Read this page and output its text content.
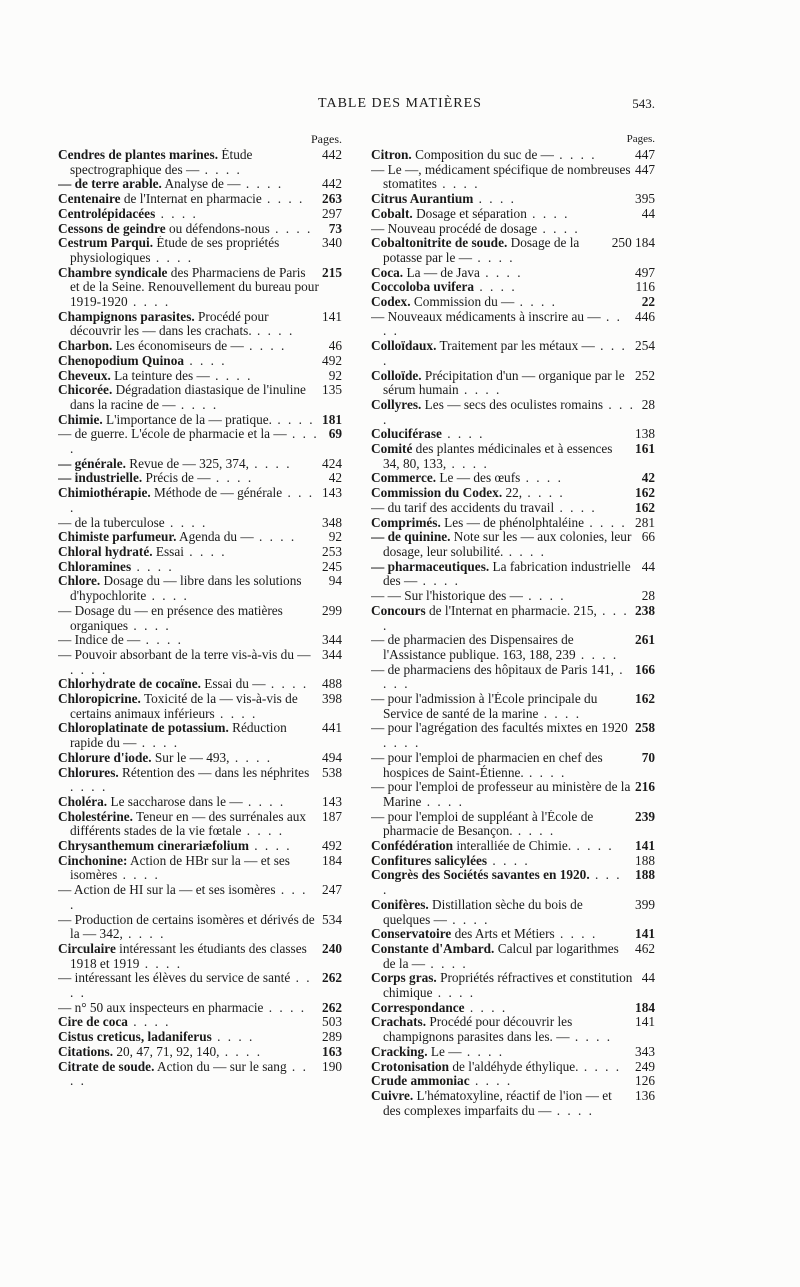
TABLE DES MATIÈRES	543.
Pages.

442
Cendres de plantes marines. Étude spectrographique des — . . . .

442
— de terre arable. Analyse de — . . . .

263
Centenaire de l'Internat en pharmacie . . . .

297
Centrolépidacées . . . .

73
Cessons de geindre ou défendons-nous . . . .

340
Cestrum Parqui. Étude de ses propriétés physiologiques . . . .

215
Chambre syndicale des Pharmaciens de Paris et de la Seine. Renouvellement du bureau pour 1919-1920 . . . .

141
Champignons parasites. Procédé pour découvrir les — dans les crachats. . . . .

46
Charbon. Les économiseurs de — . . . .

492
Chenopodium Quinoa . . . .

92
Cheveux. La teinture des — . . . .

135
Chicorée. Dégradation diastasique de l'inuline dans la racine de — . . . .

181
Chimie. L'importance de la — pratique. . . . .

69
— de guerre. L'école de pharmacie et la — . . . .

424
— générale. Revue de — 325, 374, . . . .

42
— industrielle. Précis de — . . . .

143
Chimiothérapie. Méthode de — générale . . . .

348
— de la tuberculose . . . .

92
Chimiste parfumeur. Agenda du — . . . .

253
Chloral hydraté. Essai . . . .

245
Chloramines . . . .

94
Chlore. Dosage du — libre dans les solutions d'hypochlorite . . . .

299
— Dosage du — en présence des matières organiques . . . .

344
— Indice de — . . . .

344
— Pouvoir absorbant de la terre vis-à-vis du — . . . .

488
Chlorhydrate de cocaïne. Essai du — . . . .

398
Chloropicrine. Toxicité de la — vis-à-vis de certains animaux inférieurs . . . .

441
Chloroplatinate de potassium. Réduction rapide du — . . . .

494
Chlorure d'iode. Sur le — 493, . . . .

538
Chlorures. Rétention des — dans les néphrites . . . .

143
Choléra. Le saccharose dans le — . . . .

187
Cholestérine. Teneur en — des surrénales aux différents stades de la vie fœtale . . . .

492
Chrysanthemum cinerariæfolium . . . .

184
Cinchonine: Action de HBr sur la — et ses isomères . . . .

247
— Action de HI sur la — et ses isomères . . . .

534
— Production de certains isomères et dérivés de la — 342, . . . .

240
Circulaire intéressant les étudiants des classes 1918 et 1919 . . . .

262
— intéressant les élèves du service de santé . . . .

262
— n° 50 aux inspecteurs en pharmacie . . . .

503
Cire de coca . . . .

289
Cistus creticus, ladaniferus . . . .

163
Citations. 20, 47, 71, 92, 140, . . . .

190
Citrate de soude. Action du — sur le sang . . . .

Pages.

447
Citron. Composition du suc de — . . . .

447
— Le —, médicament spécifique de nombreuses stomatites . . . .

395
Citrus Aurantium . . . .

44
Cobalt. Dosage et séparation . . . .

— Nouveau procédé de dosage . . . .

250 184
Cobaltonitrite de soude. Dosage de la potasse par le — . . . .

497
Coca. La — de Java . . . .

116
Coccoloba uvifera . . . .

22
Codex. Commission du — . . . .

446
— Nouveaux médicaments à inscrire au — . . . .

254
Colloïdaux. Traitement par les métaux — . . . .

252
Colloïde. Précipitation d'un — organique par le sérum humain . . . .

28
Collyres. Les — secs des oculistes romains . . . .

138
Coluciférase . . . .

161
Comité des plantes médicinales et à essences 34, 80, 133, . . . .

42
Commerce. Le — des œufs . . . .

162
Commission du Codex. 22, . . . .

162
— du tarif des accidents du travail . . . .

281
Comprimés. Les — de phénolphtaléine . . . .

66
— de quinine. Note sur les — aux colonies, leur dosage, leur solubilité. . . . .

44
— pharmaceutiques. La fabrication industrielle des — . . . .

28
— — Sur l'historique des — . . . .

238
Concours de l'Internat en pharmacie. 215, . . . .

261
— de pharmacien des Dispensaires de l'Assistance publique. 163, 188, 239 . . . .

166
— de pharmaciens des hôpitaux de Paris 141, . . . .

162
— pour l'admission à l'École principale du Service de santé de la marine . . . .

258
— pour l'agrégation des facultés mixtes en 1920 . . . .

70
— pour l'emploi de pharmacien en chef des hospices de Saint-Étienne. . . . .

216
— pour l'emploi de professeur au ministère de la Marine . . . .

239
— pour l'emploi de suppléant à l'École de pharmacie de Besançon. . . . .

141
Confédération interalliée de Chimie. . . . .

188
Confitures salicylées . . . .

188
Congrès des Sociétés savantes en 1920. . . . .

399
Conifères. Distillation sèche du bois de quelques — . . . .

141
Conservatoire des Arts et Métiers . . . .

462
Constante d'Ambard. Calcul par logarithmes de la — . . . .

44
Corps gras. Propriétés réfractives et constitution chimique . . . .

184
Correspondance . . . .

141
Crachats. Procédé pour découvrir les champignons parasites dans les. — . . . .

343
Cracking. Le — . . . .

249
Crotonisation de l'aldéhyde éthylique. . . . .

126
Crude ammoniac . . . .

136
Cuivre. L'hématoxyline, réactif de l'ion — et des complexes imparfaits du — . . . .
